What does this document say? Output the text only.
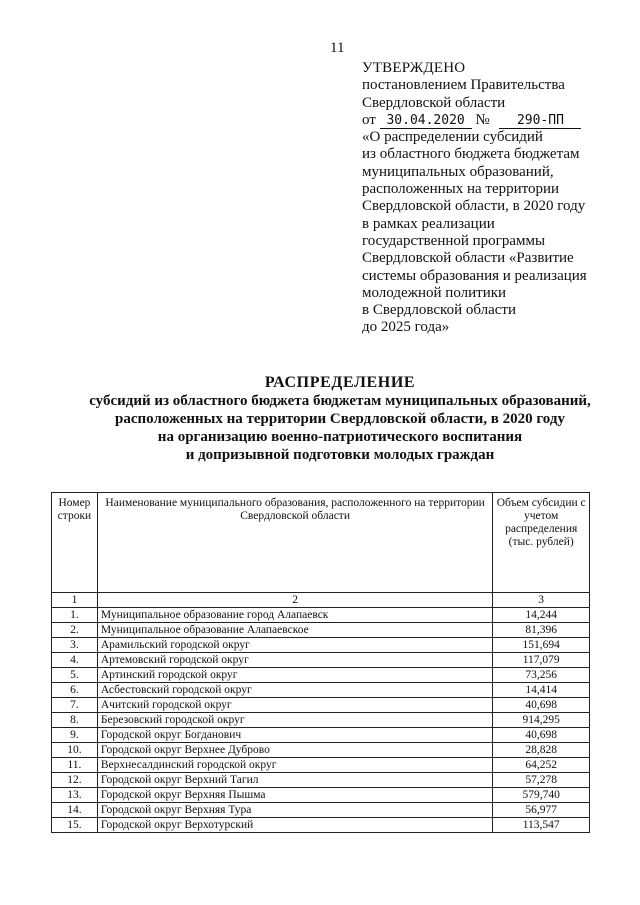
11
УТВЕРЖДЕНО
постановлением Правительства
Свердловской области
от 30.04.2020 № 290-ПП
«О распределении субсидий
из областного бюджета бюджетам
муниципальных образований,
расположенных на территории
Свердловской области, в 2020 году
в рамках реализации
государственной программы
Свердловской области «Развитие
системы образования и реализация
молодежной политики
в Свердловской области
до 2025 года»
РАСПРЕДЕЛЕНИЕ
субсидий из областного бюджета бюджетам муниципальных образований,
расположенных на территории Свердловской области, в 2020 году
на организацию военно-патриотического воспитания
и допризывной подготовки молодых граждан
Номер строки	Наименование муниципального образования, расположенного на территории Свердловской области	Объем субсидии с учетом распределения (тыс. рублей)
1	2	3
1.	Муниципальное образование город Алапаевск	14,244
2.	Муниципальное образование Алапаевское	81,396
3.	Арамильский городской округ	151,694
4.	Артемовский городской округ	117,079
5.	Артинский городской округ	73,256
6.	Асбестовский городской округ	14,414
7.	Ачитский городской округ	40,698
8.	Березовский городской округ	914,295
9.	Городской округ Богданович	40,698
10.	Городской округ Верхнее Дуброво	28,828
11.	Верхнесалдинский городской округ	64,252
12.	Городской округ Верхний Тагил	57,278
13.	Городской округ Верхняя Пышма	579,740
14.	Городской округ Верхняя Тура	56,977
15.	Городской округ Верхотурский	113,547
